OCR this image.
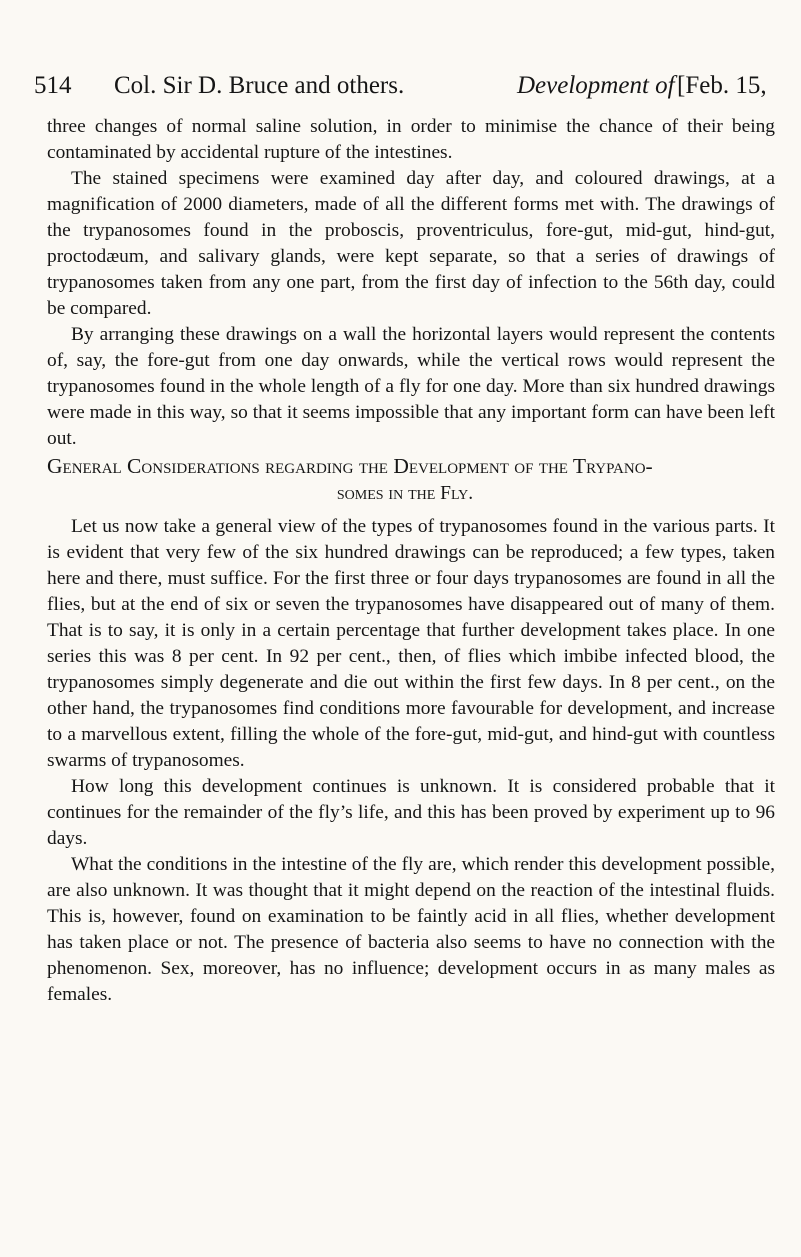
514 Col. Sir D. Bruce and others.	Development of [Feb. 15,

three changes of normal saline solution, in order to minimise the chance of their being contaminated by accidental rupture of the intestines.

The stained specimens were examined day after day, and coloured drawings, at a magnification of 2000 diameters, made of all the different forms met with. The drawings of the trypanosomes found in the proboscis, proventriculus, fore-gut, mid-gut, hind-gut, proctodæum, and salivary glands, were kept separate, so that a series of drawings of trypanosomes taken from any one part, from the first day of infection to the 56th day, could be compared.

By arranging these drawings on a wall the horizontal layers would represent the contents of, say, the fore-gut from one day onwards, while the vertical rows would represent the trypanosomes found in the whole length of a fly for one day. More than six hundred drawings were made in this way, so that it seems impossible that any important form can have been left out.

General Considerations regarding the Development of the Trypano-
somes in the Fly.

Let us now take a general view of the types of trypanosomes found in the various parts. It is evident that very few of the six hundred drawings can be reproduced; a few types, taken here and there, must suffice. For the first three or four days trypanosomes are found in all the flies, but at the end of six or seven the trypanosomes have disappeared out of many of them. That is to say, it is only in a certain percentage that further development takes place. In one series this was 8 per cent. In 92 per cent., then, of flies which imbibe infected blood, the trypanosomes simply degenerate and die out within the first few days. In 8 per cent., on the other hand, the trypanosomes find conditions more favourable for development, and increase to a marvellous extent, filling the whole of the fore-gut, mid-gut, and hind-gut with countless swarms of trypanosomes.

How long this development continues is unknown. It is considered probable that it continues for the remainder of the fly’s life, and this has been proved by experiment up to 96 days.

What the conditions in the intestine of the fly are, which render this development possible, are also unknown. It was thought that it might depend on the reaction of the intestinal fluids. This is, however, found on examination to be faintly acid in all flies, whether development has taken place or not. The presence of bacteria also seems to have no connection with the phenomenon. Sex, moreover, has no influence; development occurs in as many males as females.
